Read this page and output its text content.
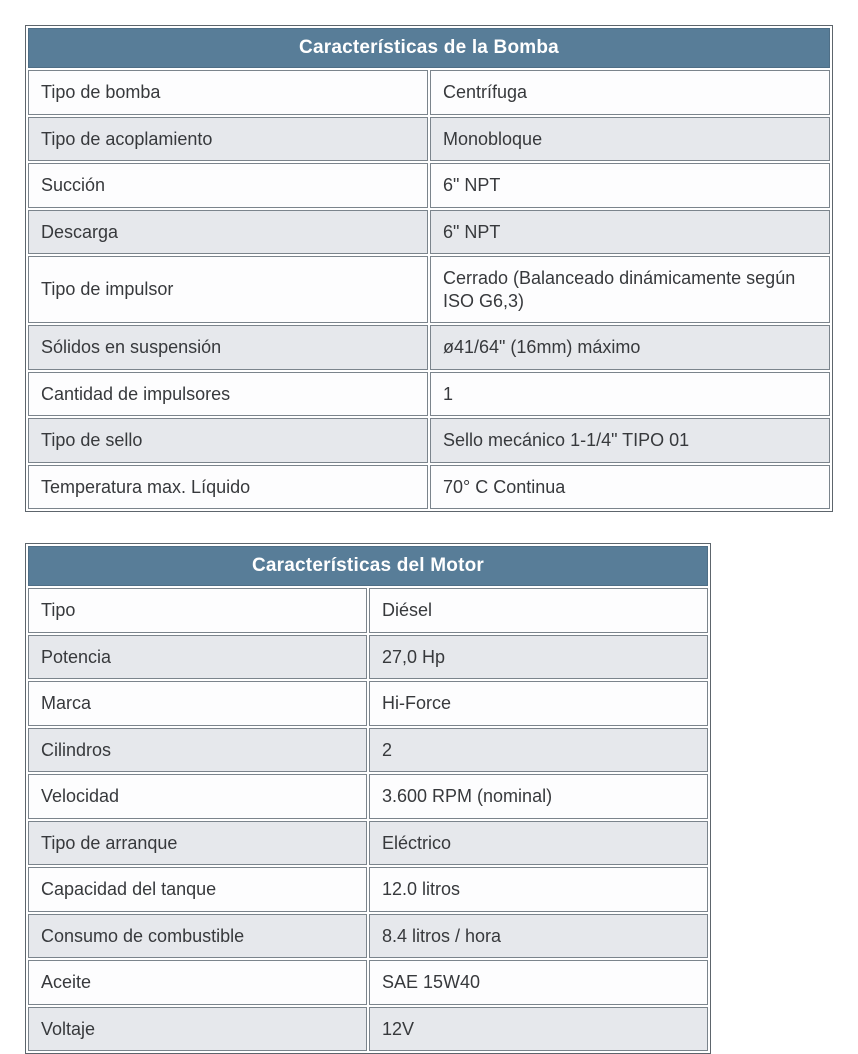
Características de la Bomba	
Tipo de bomba	Centrífuga
Tipo de acoplamiento	Monobloque
Succión	6" NPT
Descarga	6" NPT
Tipo de impulsor	Cerrado (Balanceado dinámicamente según ISO G6,3)
Sólidos en suspensión	ø41/64" (16mm) máximo
Cantidad de impulsores	1
Tipo de sello	Sello mecánico 1-1/4" TIPO 01
Temperatura max. Líquido	70° C Continua
Características del Motor	
Tipo	Diésel
Potencia	27,0 Hp
Marca	Hi-Force
Cilindros	2
Velocidad	3.600 RPM (nominal)
Tipo de arranque	Eléctrico
Capacidad del tanque	12.0 litros
Consumo de combustible	8.4 litros / hora
Aceite	SAE 15W40
Voltaje	12V
